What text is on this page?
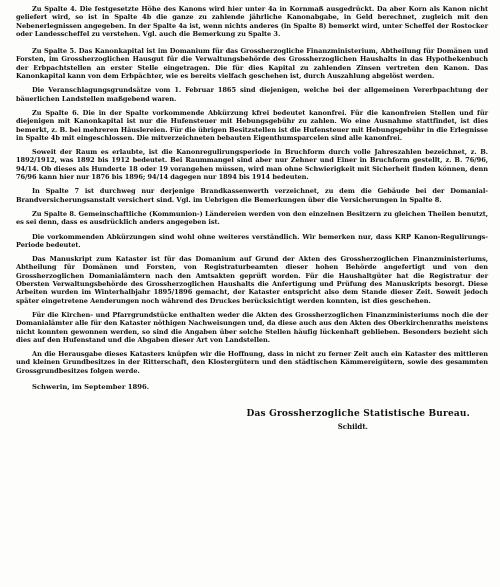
Zu Spalte 4. Die festgesetzte Höhe des Kanons wird hier unter 4a in Kornmaß ausgedrückt. Da aber Korn als Kanon nicht geliefert wird, so ist in Spalte 4b die ganze zu zahlende jährliche Kanonabgabe, in Geld berechnet, zugleich mit den Nebenerlegnissen angegeben. In der Spalte 4a ist, wenn nichts anderes (in Spalte 8) bemerkt wird, unter Scheffel der Rostocker oder Landesscheffel zu verstehen. Vgl. auch die Bemerkung zu Spalte 3.

Zu Spalte 5. Das Kanonkapital ist im Domanium für das Grossherzogliche Finanzministerium, Abtheilung für Domänen und Forsten, im Grossherzoglichen Hausgut für die Verwaltungsbehörde des Grossherzoglichen Haushalts in das Hypothekenbuch der Erbpachtstellen an erster Stelle eingetragen. Die für dies Kapital zu zahlenden Zinsen vertreten den Kanon. Das Kanonkapital kann von dem Erbpächter, wie es bereits vielfach geschehen ist, durch Auszahlung abgelöst werden.

Die Veranschlagungsgrundsätze vom 1. Februar 1865 sind diejenigen, welche bei der allgemeinen Vererbpachtung der bäuerlichen Landstellen maßgebend waren.

Zu Spalte 6. Die in der Spalte vorkommende Abkürzung kfrei bedeutet kanonfrei. Für die kanonfreien Stellen und für diejenigen mit Kanonkapital ist nur die Hufensteuer mit Hebungsgebühr zu zahlen. Wo eine Ausnahme stattfindet, ist dies bemerkt, z. B. bei mehreren Häuslereien. Für die übrigen Besitzstellen ist die Hufensteuer mit Hebungsgebühr in die Erlegnisse in Spalte 4b mit eingeschlossen. Die mitverzeichneten bebauten Eigenthumsparcelen sind alle kanonfrei.

Soweit der Raum es erlaubte, ist die Kanonregulirungsperiode in Bruchform durch volle Jahreszahlen bezeichnet, z. B. 1892/1912, was 1892 bis 1912 bedeutet. Bei Raummangel sind aber nur Zehner und Einer in Bruchform gestellt, z. B. 76/96, 94/14. Ob dieses als Hunderte 18 oder 19 vorangehen müssen, wird man ohne Schwierigkeit mit Sicherheit finden können, denn 76/96 kann hier nur 1876 bis 1896; 94/14 dagegen nur 1894 bis 1914 bedeuten.

In Spalte 7 ist durchweg nur derjenige Brandkassenwerth verzeichnet, zu dem die Gebäude bei der Domanial-Brandversicherungsanstalt versichert sind. Vgl. im Uebrigen die Bemerkungen über die Versicherungen in Spalte 8.

Zu Spalte 8. Gemeinschaftliche (Kommunion-) Ländereien werden von den einzelnen Besitzern zu gleichen Theilen benutzt, es sei denn, dass es ausdrücklich anders angegeben ist.

Die vorkommenden Abkürzungen sind wohl ohne weiteres verständlich. Wir bemerken nur, dass KRP Kanon-Regulirungs-Periode bedeutet.

Das Manuskript zum Kataster ist für das Domanium auf Grund der Akten des Grossherzoglichen Finanzministeriums, Abtheilung für Domänen und Forsten, von Registraturbeamten dieser hohen Behörde angefertigt und von den Grossherzoglichen Domanialämtern nach den Amtsakten geprüft worden. Für die Haushaltgüter hat die Registratur der Obersten Verwaltungsbehörde des Grossherzoglichen Haushalts die Anfertigung und Prüfung des Manuskripts besorgt. Diese Arbeiten wurden im Winterhalbjahr 1895/1896 gemacht, der Kataster entspricht also dem Stande dieser Zeit. Soweit jedoch später eingetretene Aenderungen noch während des Druckes berücksichtigt werden konnten, ist dies geschehen.

Für die Kirchen- und Pfarrgrundstücke enthalten weder die Akten des Grossherzoglichen Finanzministeriums noch die der Domanialämter alle für den Kataster nöthigen Nachweisungen und, da diese auch aus den Akten des Oberkirchenraths meistens nicht konnten gewonnen werden, so sind die Angaben über solche Stellen häufig lückenhaft geblieben. Besonders bezieht sich dies auf den Hufenstand und die Abgaben dieser Art von Landstellen.

An die Herausgabe dieses Katasters knüpfen wir die Hoffnung, dass in nicht zu ferner Zeit auch ein Kataster des mittleren und kleinen Grundbesitzes in der Ritterschaft, den Klostergütern und den städtischen Kämmereigütern, sowie des gesammten Grossgrundbesitzes folgen werde.

Schwerin, im September 1896.

Das Grossherzogliche Statistische Bureau.

Schildt.
